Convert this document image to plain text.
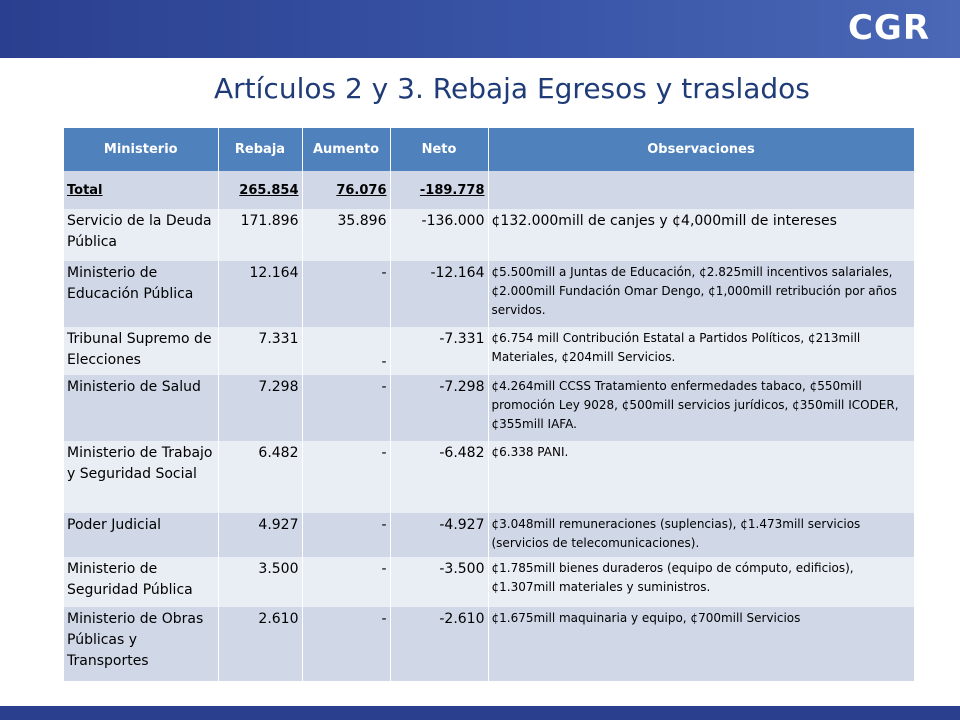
CGR
Artículos 2 y 3. Rebaja Egresos y traslados
Ministerio	Rebaja	Aumento	Neto	Observaciones
Total	265.854	76.076	-189.778	
Servicio de la Deuda Pública	171.896	35.896	-136.000	¢132.000mill de canjes y ¢4,000mill de intereses
Ministerio de Educación Pública	12.164	-	-12.164	¢5.500mill a Juntas de Educación, ¢2.825mill incentivos salariales, ¢2.000mill Fundación Omar Dengo, ¢1,000mill retribución por años servidos.
Tribunal Supremo de Elecciones	7.331	-	-7.331	¢6.754 mill Contribución Estatal a Partidos Políticos, ¢213mill Materiales, ¢204mill Servicios.
Ministerio de Salud	7.298	-	-7.298	¢4.264mill CCSS Tratamiento enfermedades tabaco, ¢550mill promoción Ley 9028, ¢500mill servicios jurídicos, ¢350mill ICODER, ¢355mill IAFA.
Ministerio de Trabajo y Seguridad Social	6.482	-	-6.482	¢6.338 PANI.
Poder Judicial	4.927	-	-4.927	¢3.048mill remuneraciones (suplencias), ¢1.473mill servicios (servicios de telecomunicaciones).
Ministerio de Seguridad Pública	3.500	-	-3.500	¢1.785mill bienes duraderos (equipo de cómputo, edificios), ¢1.307mill materiales y suministros.
Ministerio de Obras Públicas y Transportes	2.610	-	-2.610	¢1.675mill maquinaria y equipo, ¢700mill Servicios
